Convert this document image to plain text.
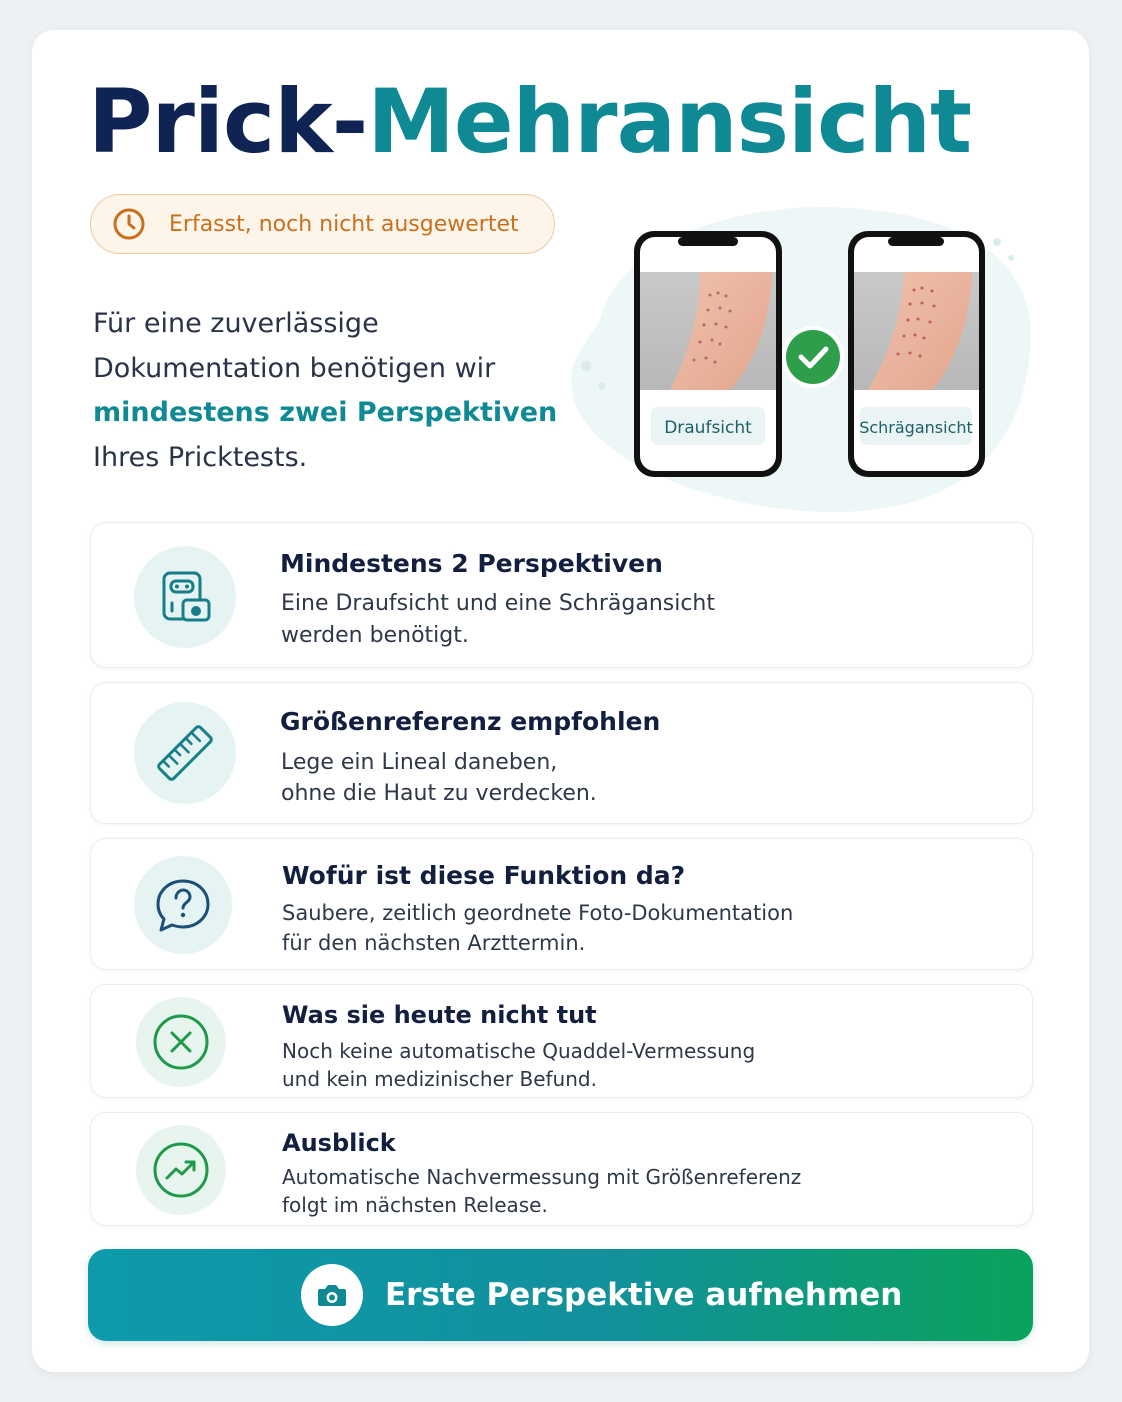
Prick-Mehransicht
Erfasst, noch nicht ausgewertet
Für eine zuverlässige
Dokumentation benötigen wir
mindestens zwei Perspektiven
Ihres Pricktests.
Draufsicht	Schrägansicht
Mindestens 2 Perspektiven
Eine Draufsicht und eine Schrägansicht
werden benötigt.
Größenreferenz empfohlen
Lege ein Lineal daneben,
ohne die Haut zu verdecken.
Wofür ist diese Funktion da?
Saubere, zeitlich geordnete Foto-Dokumentation
für den nächsten Arzttermin.
Was sie heute nicht tut
Noch keine automatische Quaddel-Vermessung
und kein medizinischer Befund.
Ausblick
Automatische Nachvermessung mit Größenreferenz
folgt im nächsten Release.
Erste Perspektive aufnehmen
